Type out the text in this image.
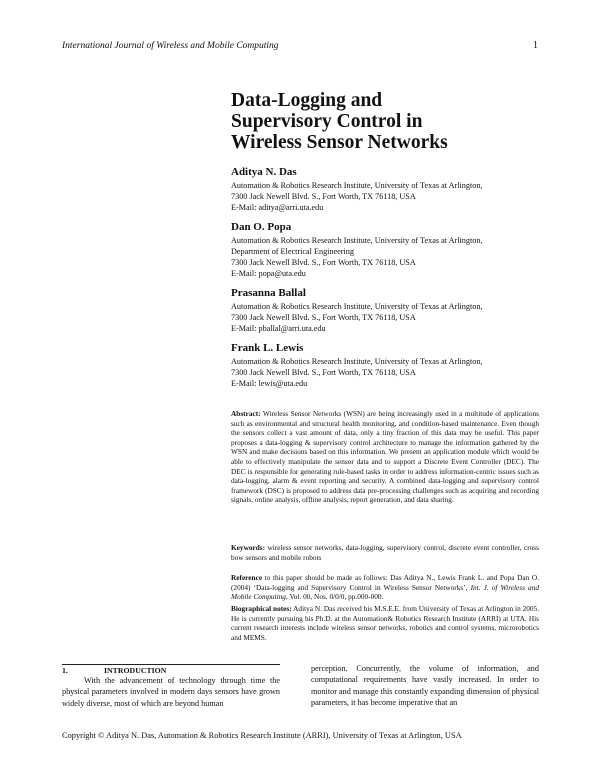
International Journal of Wireless and Mobile Computing	1
Data-Logging and Supervisory Control in Wireless Sensor Networks
Aditya N. Das
Automation & Robotics Research Institute, University of Texas at Arlington,
7300 Jack Newell Blvd. S., Fort Worth, TX 76118, USA
E-Mail: aditya@arri.uta.edu
Dan O. Popa
Automation & Robotics Research Institute, University of Texas at Arlington,
Department of Electrical Engineering
7300 Jack Newell Blvd. S., Fort Worth, TX 76118, USA
E-Mail: popa@uta.edu
Prasanna Ballal
Automation & Robotics Research Institute, University of Texas at Arlington,
7300 Jack Newell Blvd. S., Fort Worth, TX 76118, USA
E-Mail: pballal@arri.uta.edu
Frank L. Lewis
Automation & Robotics Research Institute, University of Texas at Arlington,
7300 Jack Newell Blvd. S., Fort Worth, TX 76118, USA
E-Mail: lewis@uta.edu

Abstract: Wireless Sensor Networks (WSN) are being increasingly used in a multitude of applications such as environmental and structural health monitoring, and condition-based maintenance. Even though the sensors collect a vast amount of data, only a tiny fraction of this data may be useful. This paper proposes a data-logging & supervisory control architecture to manage the information gathered by the WSN and make decisions based on this information. We present an application module which would be able to effectively manipulate the sensor data and to support a Discrete Event Controller (DEC). The DEC is responsible for generating rule-based tasks in order to address information-centric issues such as data-logging, alarm & event reporting and security. A combined data-logging and supervisory control framework (DSC) is proposed to address data pre-processing challenges such as acquiring and recording signals, online analysis, offline analysis, report generation, and data sharing.

Keywords: wireless sensor networks, data-logging, supervisory control, discrete event controller, cross bow sensors and mobile robots

Reference to this paper should be made as follows: Das Aditya N., Lewis Frank L. and Popa Dan O. (2004) ‘Data-logging and Supervisory Control in Wireless Sensor Networks’, Int. J. of Wireless and Mobile Computing, Vol. 00, Nos. 0/0/0, pp.000-000.

Biographical notes: Aditya N. Das received his M.S.E.E. from University of Texas at Arlington in 2005. He is currently pursuing his Ph.D. at the Automation& Robotics Research Institute (ARRI) at UTA. His current research interests include wireless sensor networks, robotics and control systems, microrobotics and MEMS.

1.	INTRODUCTION

With the advancement of technology through time the physical parameters involved in modern days sensors have grown widely diverse, most of which are beyond human

perception. Concurrently, the volume of information, and computational requirements have vastly increased. In order to monitor and manage this constantly expanding dimension of physical parameters, it has become imperative that an

Copyright © Aditya N. Das, Automation & Robotics Research Institute (ARRI), University of Texas at Arlington, USA
